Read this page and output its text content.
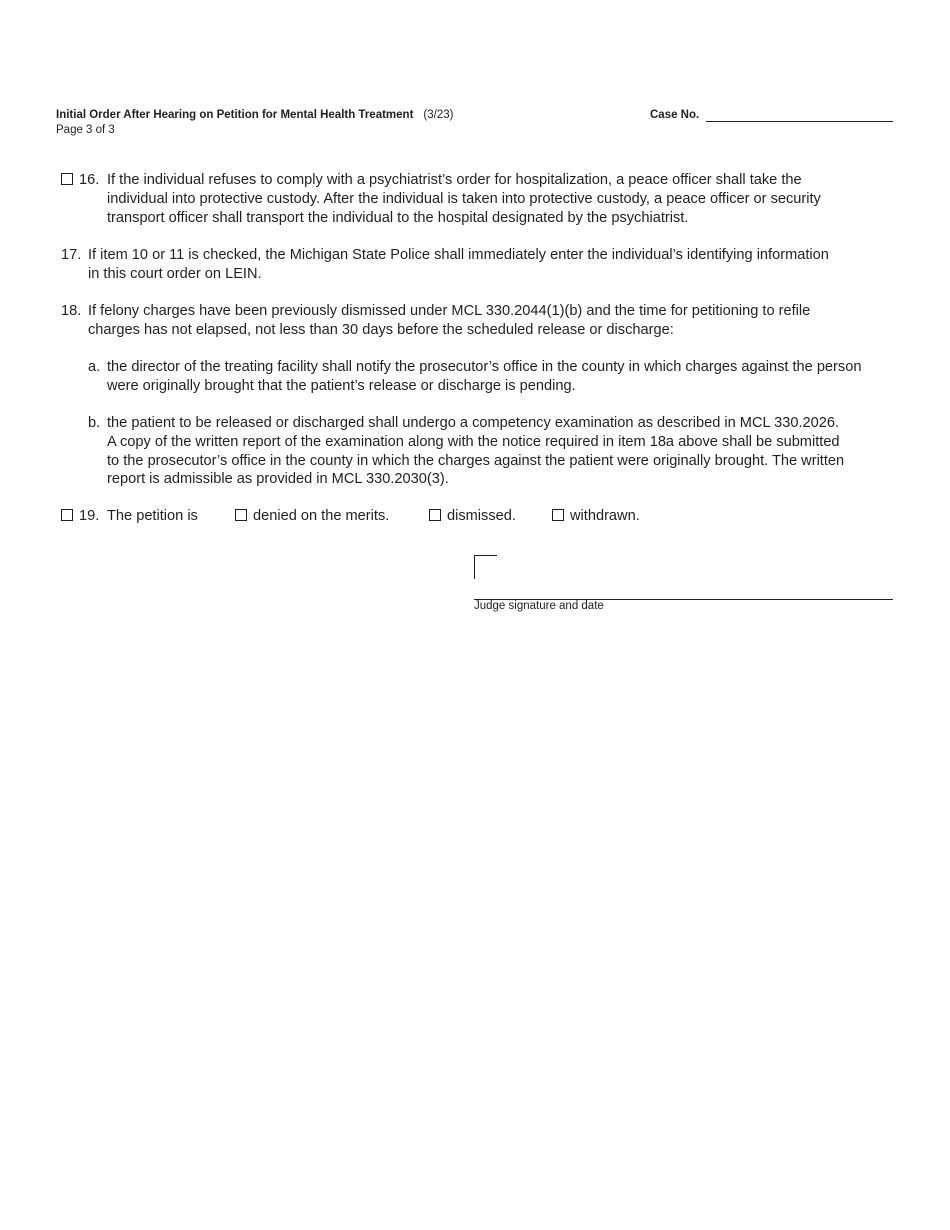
Initial Order After Hearing on Petition for Mental Health Treatment (3/23)
Page 3 of 3
Case No.
16. If the individual refuses to comply with a psychiatrist’s order for hospitalization, a peace officer shall take the
individual into protective custody. After the individual is taken into protective custody, a peace officer or security
transport officer shall transport the individual to the hospital designated by the psychiatrist.
17. If item 10 or 11 is checked, the Michigan State Police shall immediately enter the individual’s identifying information
in this court order on LEIN.
18. If felony charges have been previously dismissed under MCL 330.2044(1)(b) and the time for petitioning to refile
charges has not elapsed, not less than 30 days before the scheduled release or discharge:
a. the director of the treating facility shall notify the prosecutor’s office in the county in which charges against the person
were originally brought that the patient’s release or discharge is pending.
b. the patient to be released or discharged shall undergo a competency examination as described in MCL 330.2026.
A copy of the written report of the examination along with the notice required in item 18a above shall be submitted
to the prosecutor’s office in the county in which the charges against the patient were originally brought. The written
report is admissible as provided in MCL 330.2030(3).
19. The petition is	denied on the merits.	dismissed.	withdrawn.
Judge signature and date
